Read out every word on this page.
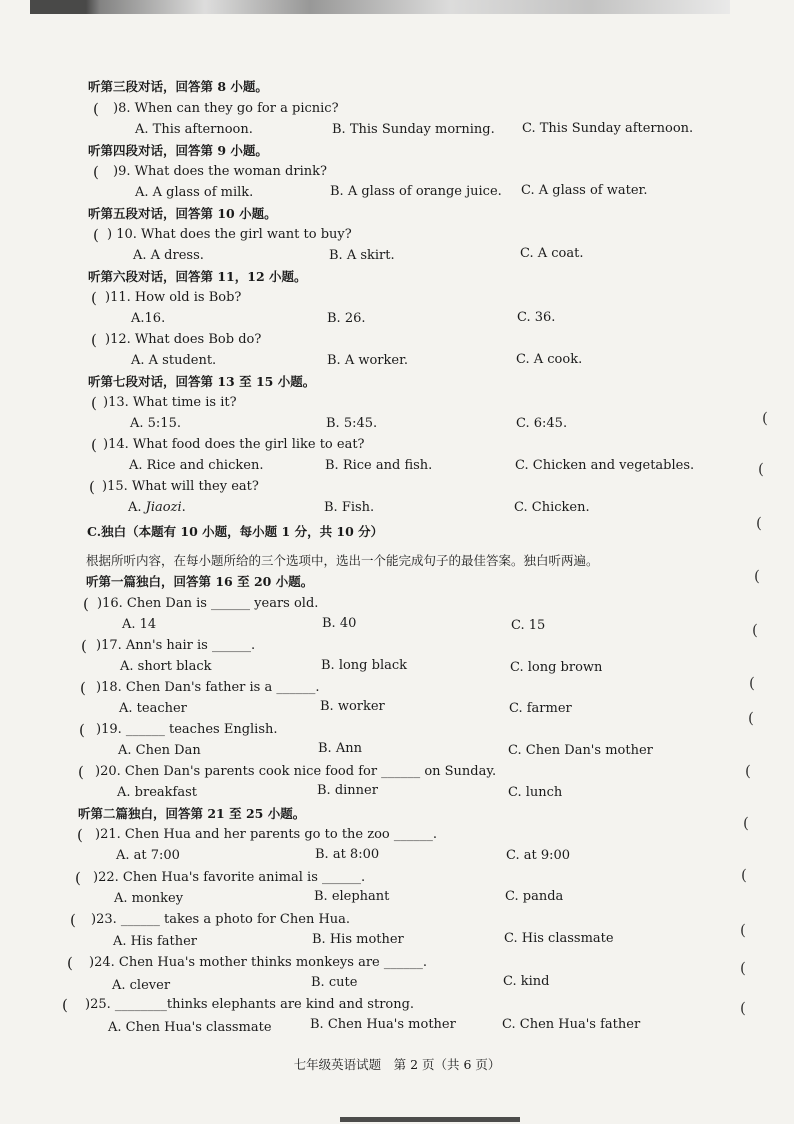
听第三段对话，回答第 8 小题。
( )8. When can they go for a picnic?
A. This afternoon.	B. This Sunday morning. C. This Sunday afternoon.
听第四段对话，回答第 9 小题。
( )9. What does the woman drink?
A. A glass of milk.	B. A glass of orange juice. C. A glass of water.
听第五段对话，回答第 10 小题。
( ) 10. What does the girl want to buy?
A. A dress.	B. A skirt.	C. A coat.
听第六段对话，回答第 11，12 小题。
( )11. How old is Bob?
A.16.	B. 26.	C. 36.
( )12. What does Bob do?
A. A student.	B. A worker.	C. A cook.
听第七段对话，回答第 13 至 15 小题。
( )13. What time is it?
A. 5:15.	B. 5:45.	C. 6:45.
( )14. What food does the girl like to eat?
A. Rice and chicken.	B. Rice and fish.	C. Chicken and vegetables.
( )15. What will they eat?
A. Jiaozi.	B. Fish.	C. Chicken.
C.独白（本题有 10 小题，每小题 1 分，共 10 分）
根据所听内容，在每小题所给的三个选项中，选出一个能完成句子的最佳答案。独白听两遍。
听第一篇独白，回答第 16 至 20 小题。
( )16. Chen Dan is ______ years old.
A. 14	B. 40	C. 15
( )17. Ann's hair is ______.
A. short black	B. long black	C. long brown
( )18. Chen Dan's father is a ______.
A. teacher	B. worker	C. farmer
( )19. ______ teaches English.
A. Chen Dan	B. Ann	C. Chen Dan's mother
( )20. Chen Dan's parents cook nice food for ______ on Sunday.
A. breakfast	B. dinner	C. lunch
听第二篇独白，回答第 21 至 25 小题。
( )21. Chen Hua and her parents go to the zoo ______.
A. at 7:00	B. at 8:00	C. at 9:00
( )22. Chen Hua's favorite animal is ______.
A. monkey	B. elephant	C. panda
( )23. ______ takes a photo for Chen Hua.
A. His father	B. His mother	C. His classmate
( )24. Chen Hua's mother thinks monkeys are ______.
A. clever	B. cute	C. kind
( )25. ________thinks elephants are kind and strong.
A. Chen Hua's classmate	B. Chen Hua's mother	C. Chen Hua's father
(
(
(
(
(
(
(
(
(
(
(
(
(
七年级英语试题　第 2 页（共 6 页）
